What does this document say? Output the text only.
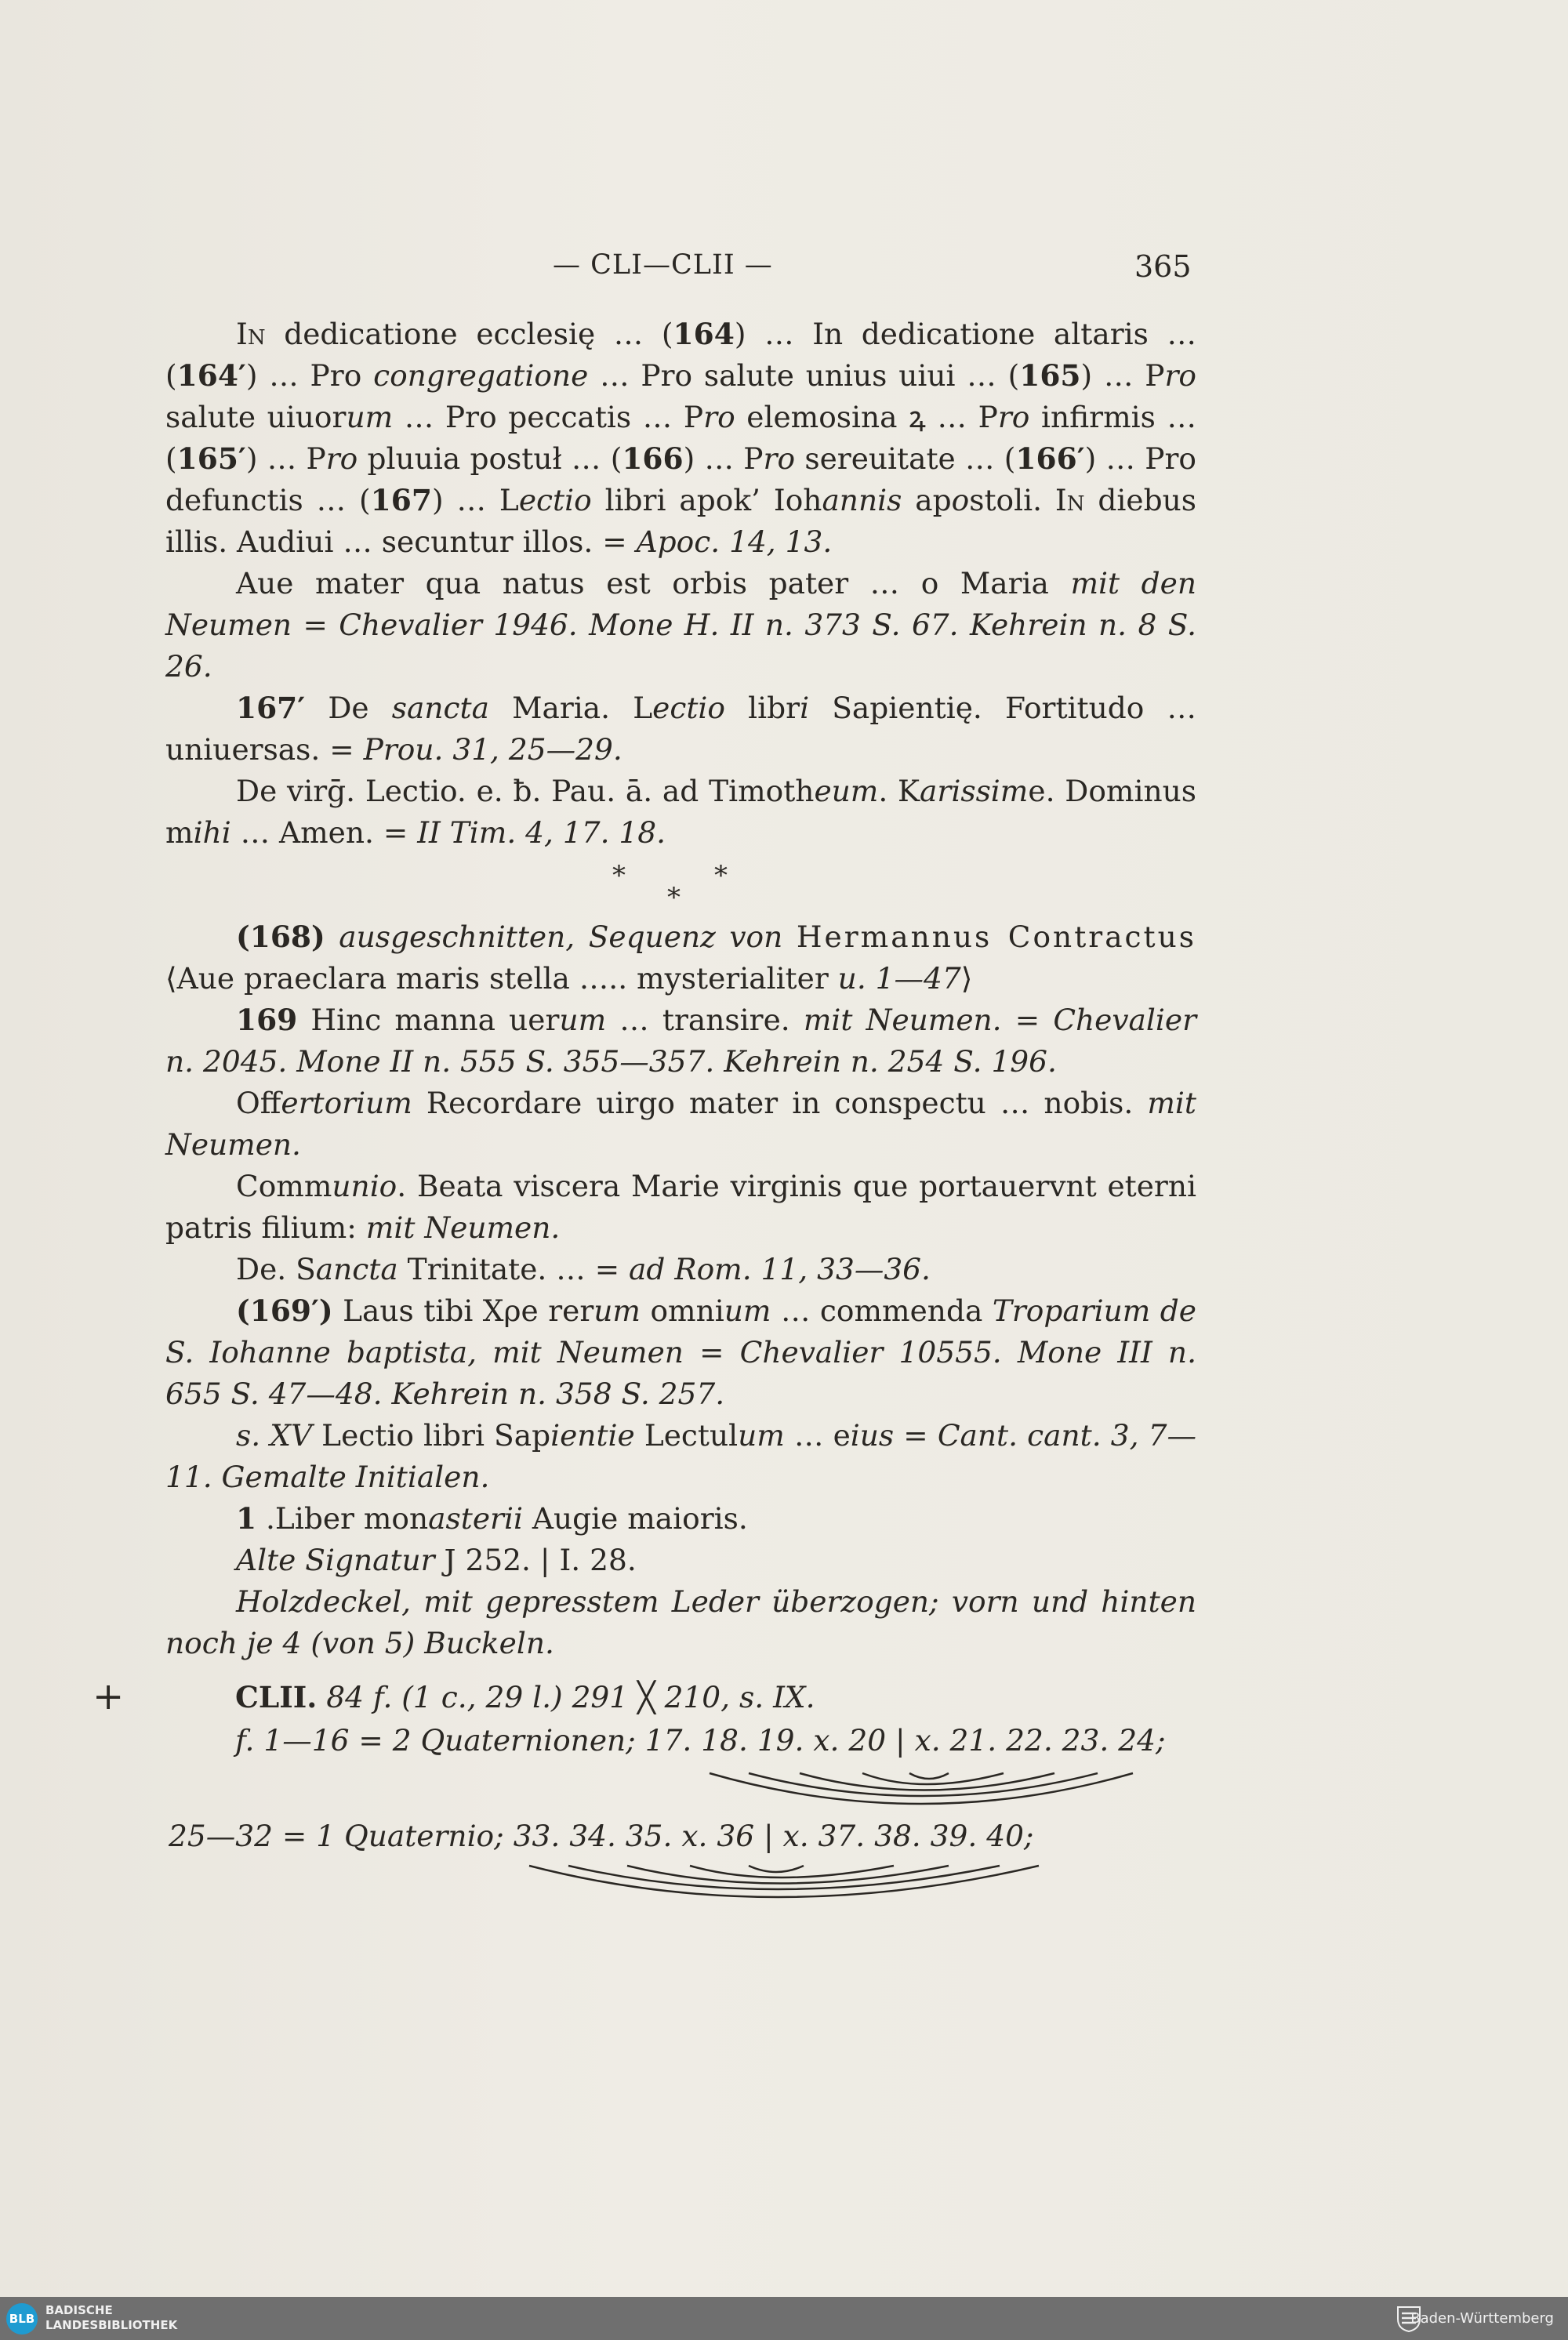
— CLI—CLII —	365

In dedicatione ecclesię … (164) … In dedicatione altaris … (164′) … Pro congregatione … Pro salute unius uiui … (165) … Pro salute uiuorum … Pro peccatis … Pro elemosina ꝝ … Pro infirmis … (165′) … Pro pluuia postuł … (166) … Pro sereuitate … (166′) … Pro defunctis … (167) … Lectio libri apok’ Iohannis apostoli. In diebus illis. Audiui … secuntur illos. = Apoc. 14, 13.

Aue mater qua natus est orbis pater … o Maria mit den Neumen = Chevalier 1946. Mone H. II n. 373 S. 67. Kehrein n. 8 S. 26.

167′ De sancta Maria. Lectio libri Sapientię. Fortitudo … uniuersas. = Prou. 31, 25—29.

De virḡ. Lectio. e. ƀ. Pau. ā. ad Timotheum. Karissime. Dominus mihi … Amen. = II Tim. 4, 17. 18.

*
*
*

(168) ausgeschnitten, Sequenz von Hermannus Contractus ⟨Aue praeclara maris stella ….. mysterialiter u. 1—47⟩

169 Hinc manna uerum … transire. mit Neumen. = Chevalier n. 2045. Mone II n. 555 S. 355—357. Kehrein n. 254 S. 196.

Offertorium Recordare uirgo mater in conspectu … nobis. mit Neumen.

Communio. Beata viscera Marie virginis que portauervnt eterni patris filium: mit Neumen.

De. Sancta Trinitate. … = ad Rom. 11, 33—36.

(169′) Laus tibi Xρe rerum omnium … commenda Troparium de S. Iohanne baptista, mit Neumen = Chevalier 10555. Mone III n. 655 S. 47—48. Kehrein n. 358 S. 257.

s. XV Lectio libri Sapientie Lectulum … eius = Cant. cant. 3, 7—11. Gemalte Initialen.

1 .Liber monasterii Augie maioris.

Alte Signatur J 252. | I. 28.

Holzdeckel, mit gepresstem Leder überzogen; vorn und hinten noch je 4 (von 5) Buckeln.

+	CLII. 84 f. (1 c., 29 l.) 291 ╳ 210, s. IX.

f. 1—16 = 2 Quaternionen; 17. 18. 19. x. 20 | x. 21. 22. 23. 24;

25—32 = 1 Quaternio; 33. 34. 35. x. 36 | x. 37. 38. 39. 40;
BLB
BADISCHE
LANDESBIBLIOTHEK	Baden-Württemberg
